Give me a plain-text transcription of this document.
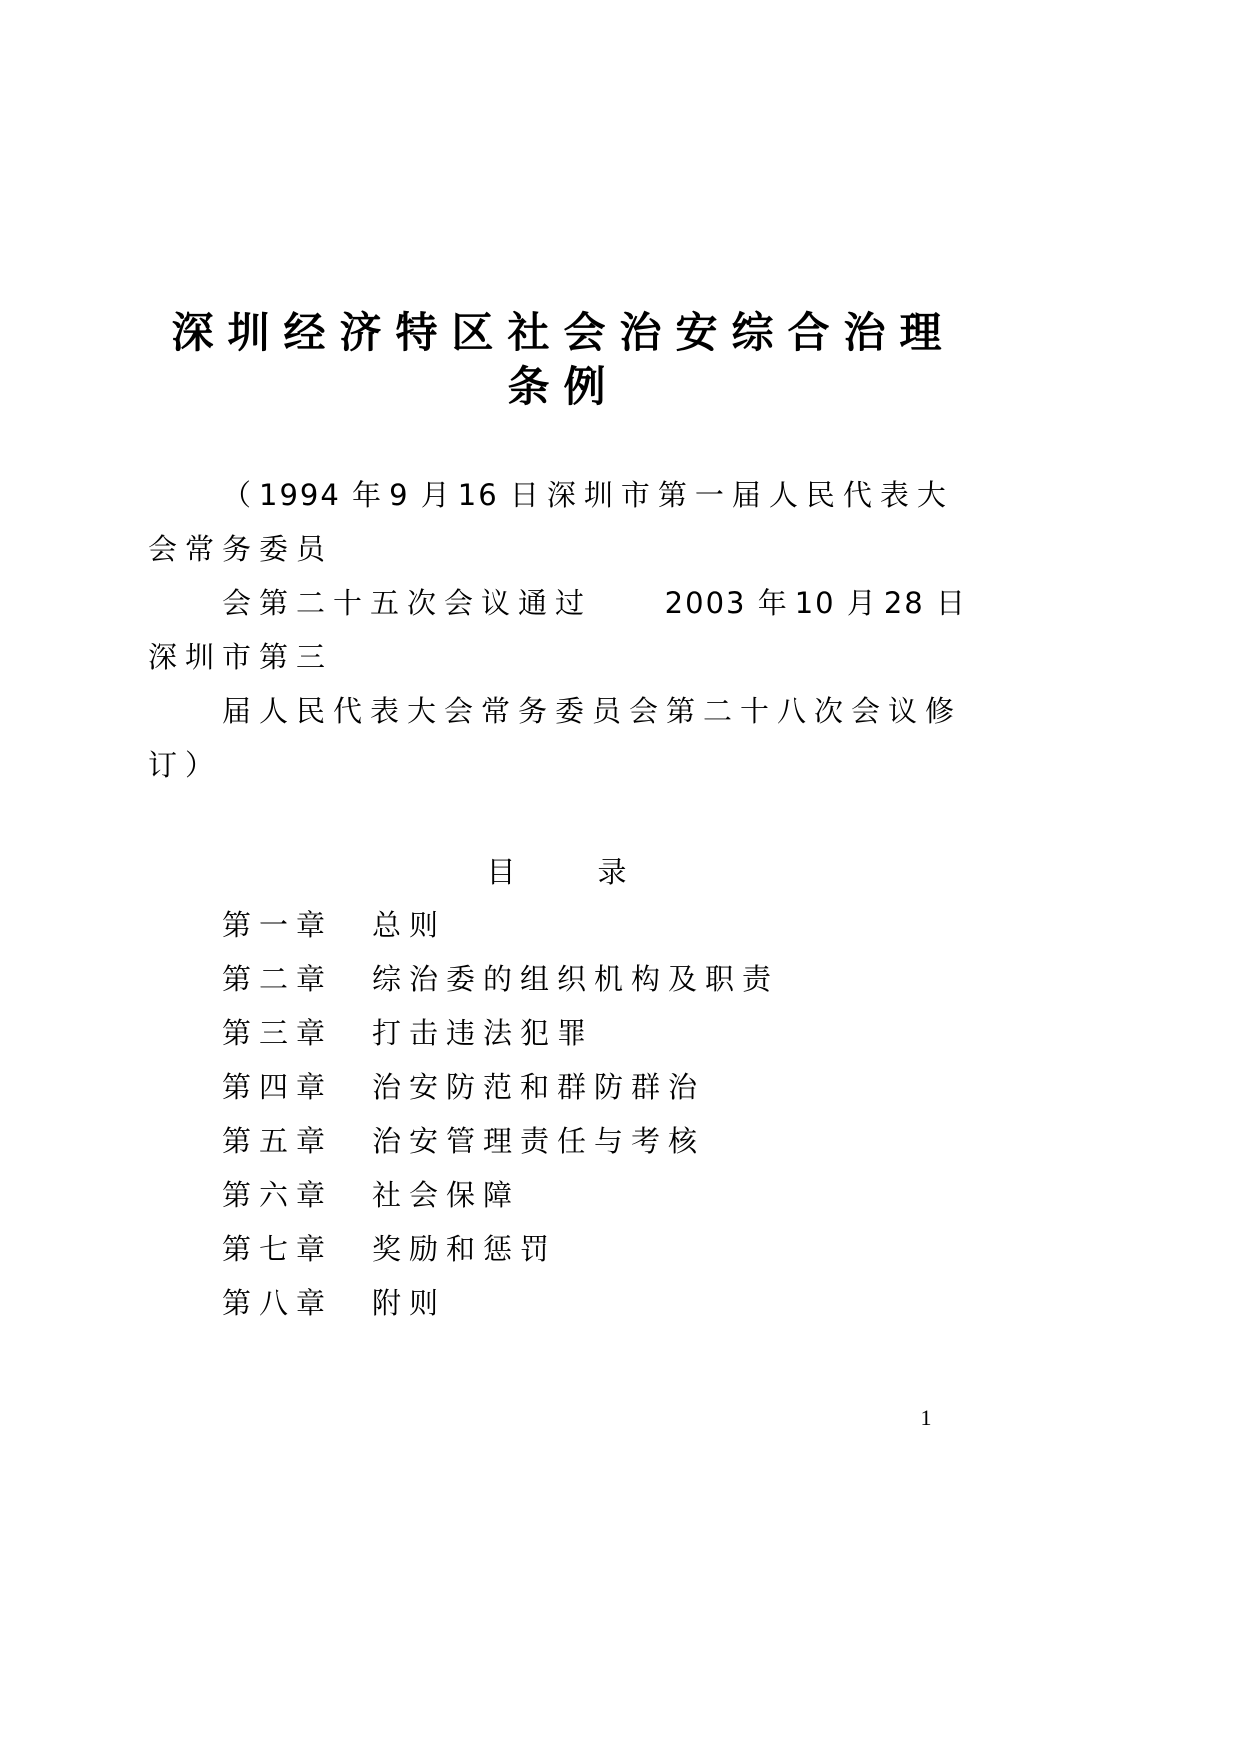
深圳经济特区社会治安综合治理
条例
（1994 年9 月16 日深圳市第一届人民代表大
会常务委员
会第二十五次会议通过	2003 年10 月28 日
深圳市第三
届人民代表大会常务委员会第二十八次会议修
订）
目　　录
第一章	总则
第二章	综治委的组织机构及职责
第三章	打击违法犯罪
第四章	治安防范和群防群治
第五章	治安管理责任与考核
第六章	社会保障
第七章	奖励和惩罚
第八章	附则
1
